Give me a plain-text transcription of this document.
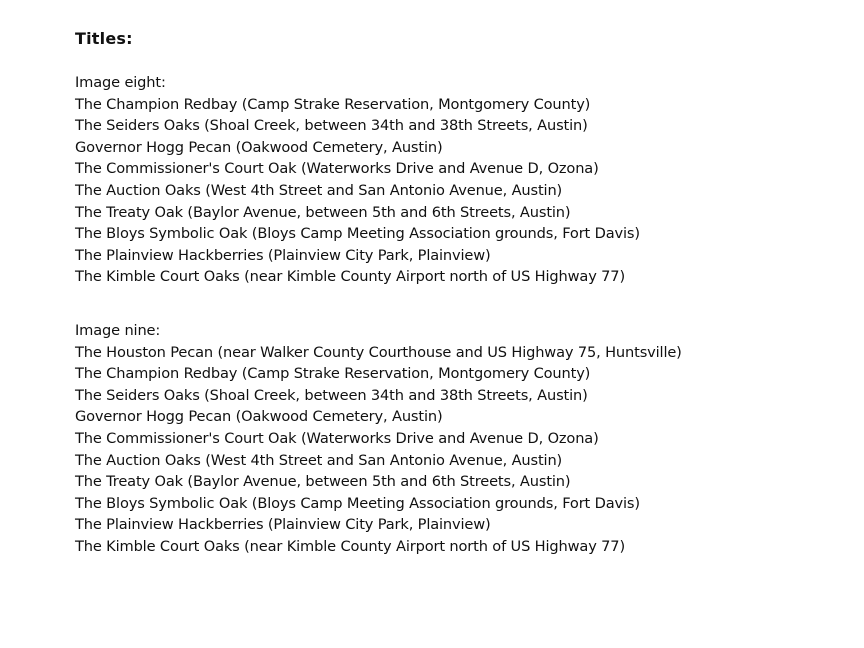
Titles:
Image eight:
The Champion Redbay (Camp Strake Reservation, Montgomery County)
The Seiders Oaks (Shoal Creek, between 34th and 38th Streets, Austin)
Governor Hogg Pecan (Oakwood Cemetery, Austin)
The Commissioner's Court Oak (Waterworks Drive and Avenue D, Ozona)
The Auction Oaks (West 4th Street and San Antonio Avenue, Austin)
The Treaty Oak (Baylor Avenue, between 5th and 6th Streets, Austin)
The Bloys Symbolic Oak (Bloys Camp Meeting Association grounds, Fort Davis)
The Plainview Hackberries (Plainview City Park, Plainview)
The Kimble Court Oaks (near Kimble County Airport north of US Highway 77)
Image nine:
The Houston Pecan (near Walker County Courthouse and US Highway 75, Huntsville)
The Champion Redbay (Camp Strake Reservation, Montgomery County)
The Seiders Oaks (Shoal Creek, between 34th and 38th Streets, Austin)
Governor Hogg Pecan (Oakwood Cemetery, Austin)
The Commissioner's Court Oak (Waterworks Drive and Avenue D, Ozona)
The Auction Oaks (West 4th Street and San Antonio Avenue, Austin)
The Treaty Oak (Baylor Avenue, between 5th and 6th Streets, Austin)
The Bloys Symbolic Oak (Bloys Camp Meeting Association grounds, Fort Davis)
The Plainview Hackberries (Plainview City Park, Plainview)
The Kimble Court Oaks (near Kimble County Airport north of US Highway 77)
